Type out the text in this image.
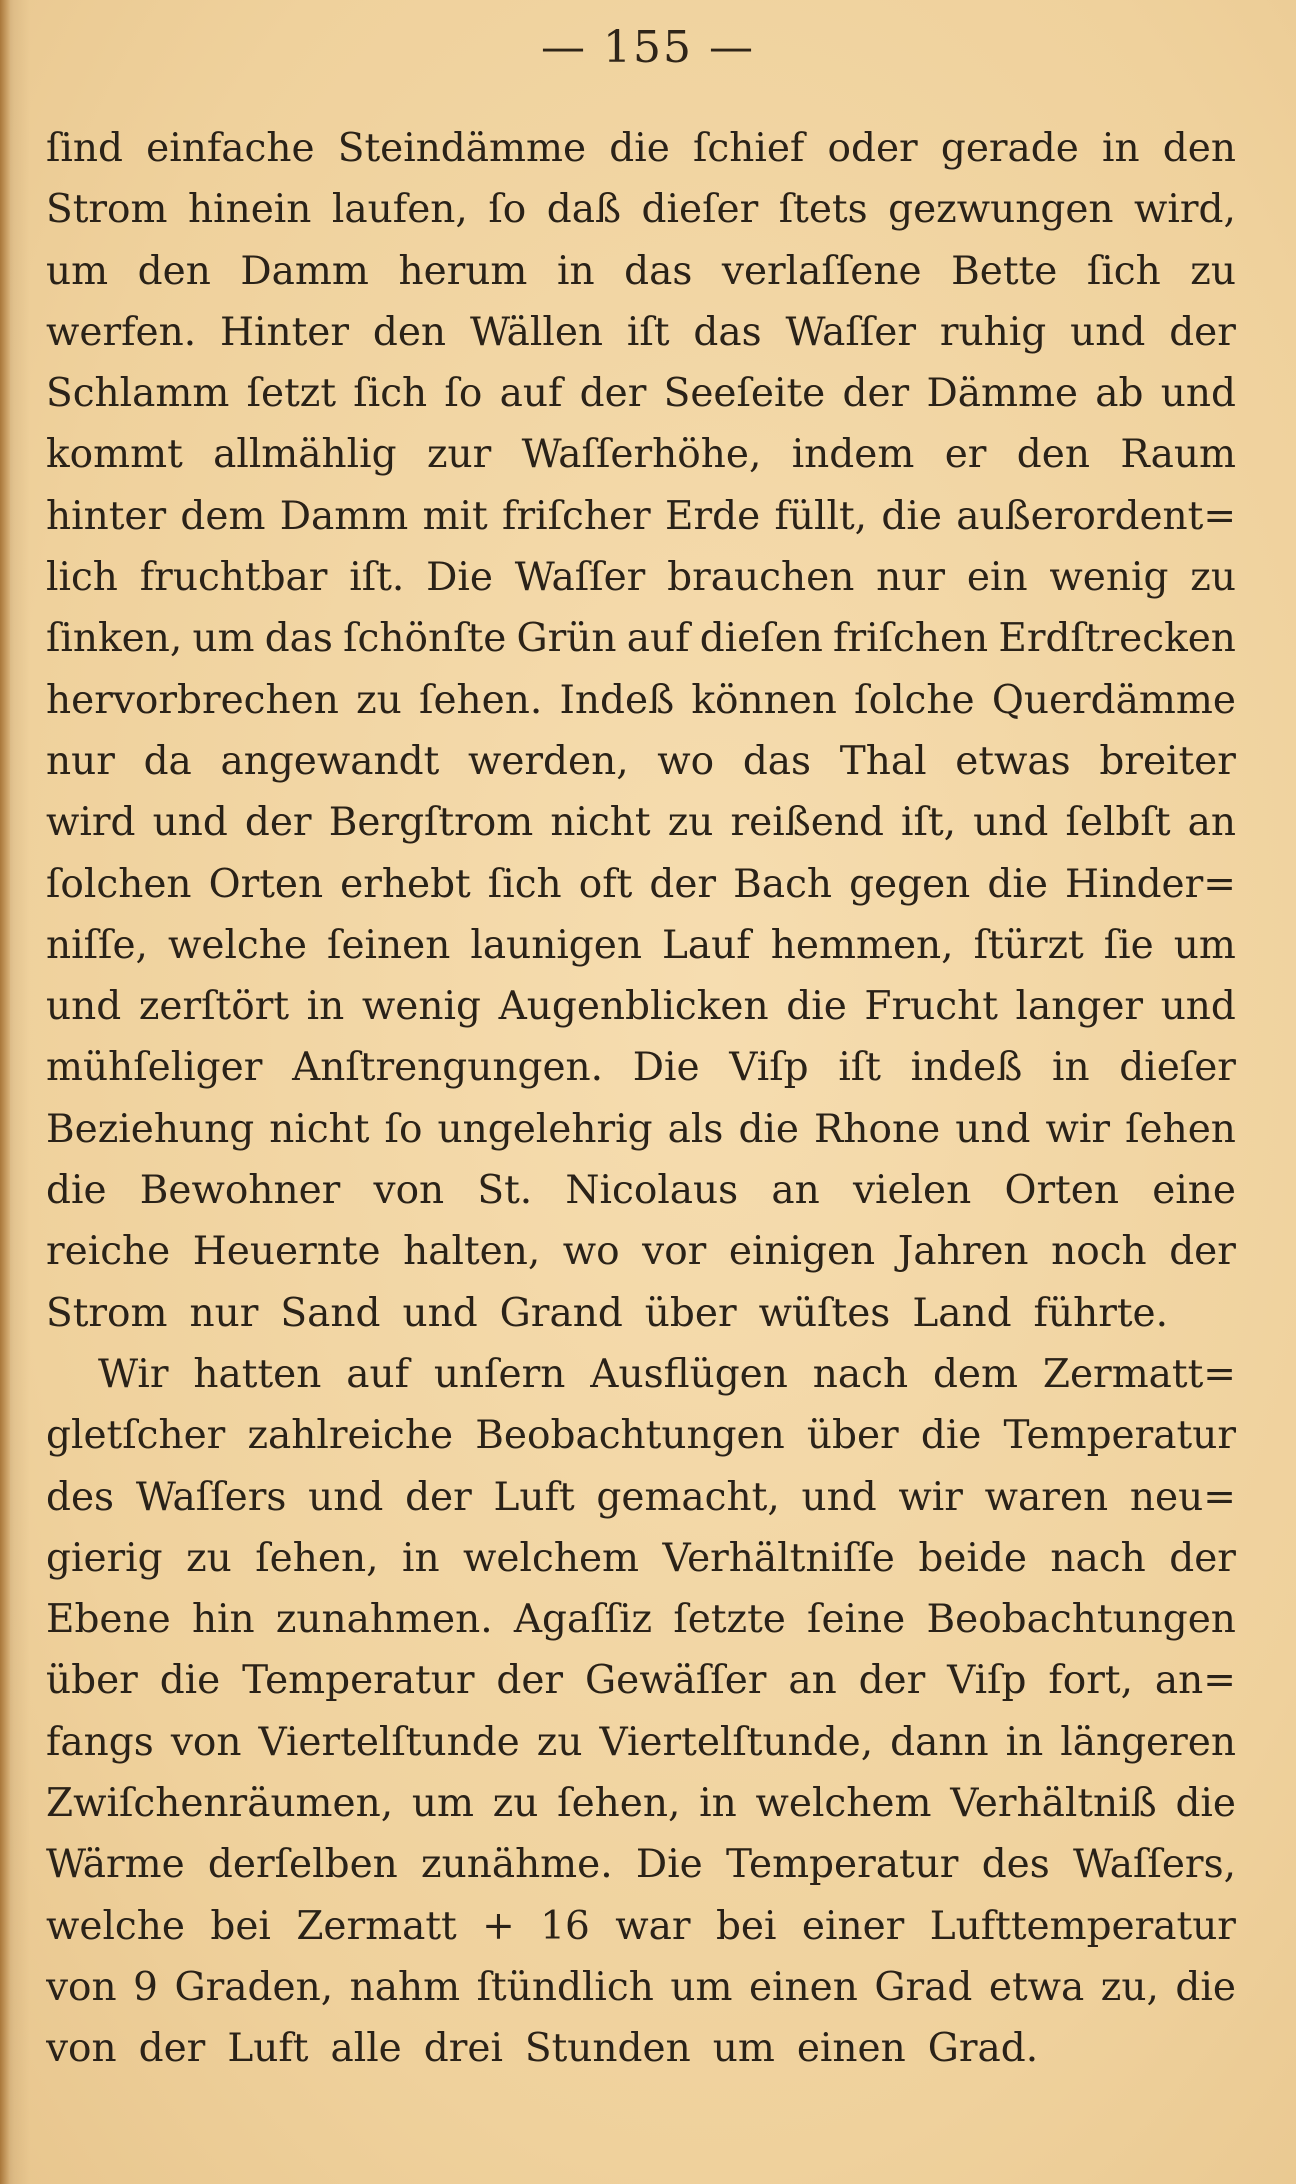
— 155 —
ſind einfache Steindämme die ſchief oder gerade in den
Strom hinein laufen, ſo daß dieſer ſtets gezwungen wird,
um den Damm herum in das verlaſſene Bette ſich zu
werfen. Hinter den Wällen iſt das Waſſer ruhig und der
Schlamm ſetzt ſich ſo auf der Seeſeite der Dämme ab und
kommt allmählig zur Waſſerhöhe, indem er den Raum
hinter dem Damm mit friſcher Erde füllt, die außerordent=
lich fruchtbar iſt. Die Waſſer brauchen nur ein wenig zu
ſinken, um das ſchönſte Grün auf dieſen friſchen Erdſtrecken
hervorbrechen zu ſehen. Indeß können ſolche Querdämme
nur da angewandt werden, wo das Thal etwas breiter
wird und der Bergſtrom nicht zu reißend iſt, und ſelbſt an
ſolchen Orten erhebt ſich oft der Bach gegen die Hinder=
niſſe, welche ſeinen launigen Lauf hemmen, ſtürzt ſie um
und zerſtört in wenig Augenblicken die Frucht langer und
mühſeliger Anſtrengungen. Die Viſp iſt indeß in dieſer
Beziehung nicht ſo ungelehrig als die Rhone und wir ſehen
die Bewohner von St. Nicolaus an vielen Orten eine
reiche Heuernte halten, wo vor einigen Jahren noch der
Strom nur Sand und Grand über wüſtes Land führte.
Wir hatten auf unſern Ausflügen nach dem Zermatt=
gletſcher zahlreiche Beobachtungen über die Temperatur
des Waſſers und der Luft gemacht, und wir waren neu=
gierig zu ſehen, in welchem Verhältniſſe beide nach der
Ebene hin zunahmen. Agaſſiz ſetzte ſeine Beobachtungen
über die Temperatur der Gewäſſer an der Viſp fort, an=
fangs von Viertelſtunde zu Viertelſtunde, dann in längeren
Zwiſchenräumen, um zu ſehen, in welchem Verhältniß die
Wärme derſelben zunähme. Die Temperatur des Waſſers,
welche bei Zermatt + 16 war bei einer Lufttemperatur
von 9 Graden, nahm ſtündlich um einen Grad etwa zu, die
von der Luft alle drei Stunden um einen Grad.
